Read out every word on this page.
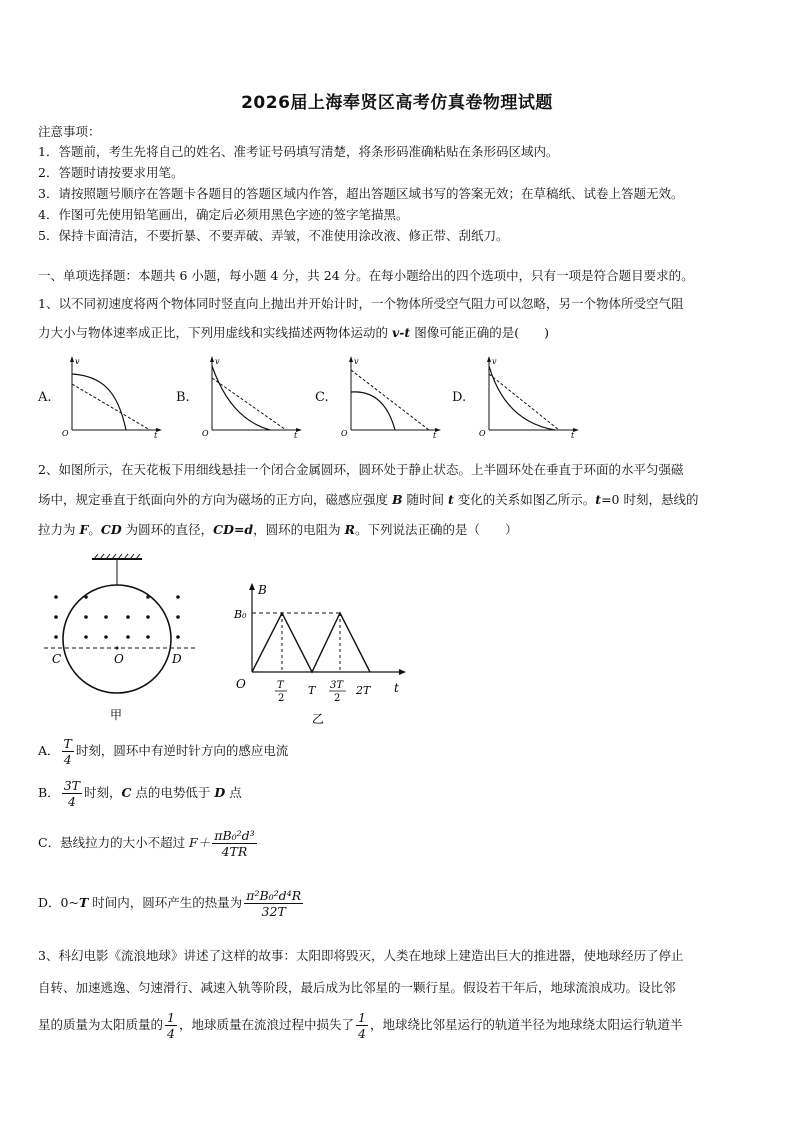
2026届上海奉贤区高考仿真卷物理试题
注意事项：
1．答题前，考生先将自己的姓名、准考证号码填写清楚，将条形码准确粘贴在条形码区域内。
2．答题时请按要求用笔。
3．请按照题号顺序在答题卡各题目的答题区域内作答，超出答题区域书写的答案无效；在草稿纸、试卷上答题无效。
4．作图可先使用铅笔画出，确定后必须用黑色字迹的签字笔描黑。
5．保持卡面清洁，不要折暴、不要弄破、弄皱，不准使用涂改液、修正带、刮纸刀。
一、单项选择题：本题共 6 小题，每小题 4 分，共 24 分。在每小题给出的四个选项中，只有一项是符合题目要求的。
1、以不同初速度将两个物体同时竖直向上抛出并开始计时，一个物体所受空气阻力可以忽略，另一个物体所受空气阻
力大小与物体速率成正比，下列用虚线和实线描述两物体运动的 v-t 图像可能正确的是(　　)
A.	B.	C.	D.
v
t
O
v
t
O
v
t
O
v
t
O
2、如图所示，在天花板下用细线悬挂一个闭合金属圆环，圆环处于静止状态。上半圆环处在垂直于环面的水平匀强磁
场中，规定垂直于纸面向外的方向为磁场的正方向，磁感应强度 B 随时间 t 变化的关系如图乙所示。t=0 时刻，悬线的
拉力为 F。CD 为圆环的直径，CD=d，圆环的电阻为 R。下列说法正确的是（　　）
C	O	D
甲
B
B₀
O	t
T
2
T 3T
2
2T
乙
A． $\frac{T}{4}$ 时刻，圆环中有逆时针方向的感应电流
B． $\frac{3T}{4}$ 时刻，C 点的电势低于 D 点
C．悬线拉力的大小不超过 $F+ \frac{\text{πB₀²d³}}{4TR}$
D．0~T 时间内，圆环产生的热量为 $\frac{\text{π²B₀²d⁴R}}{32T}$
3、科幻电影《流浪地球》讲述了这样的故事：太阳即将毁灭，人类在地球上建造出巨大的推进器，使地球经历了停止
自转、加速逃逸、匀速滑行、减速入轨等阶段，最后成为比邻星的一颗行星。假设若干年后，地球流浪成功。设比邻
星的质量为太阳质量的 $\frac{1}{4}$ ，地球质量在流浪过程中损失了 $\frac{1}{4}$ ，地球绕比邻星运行的轨道半径为地球绕太阳运行轨道半
